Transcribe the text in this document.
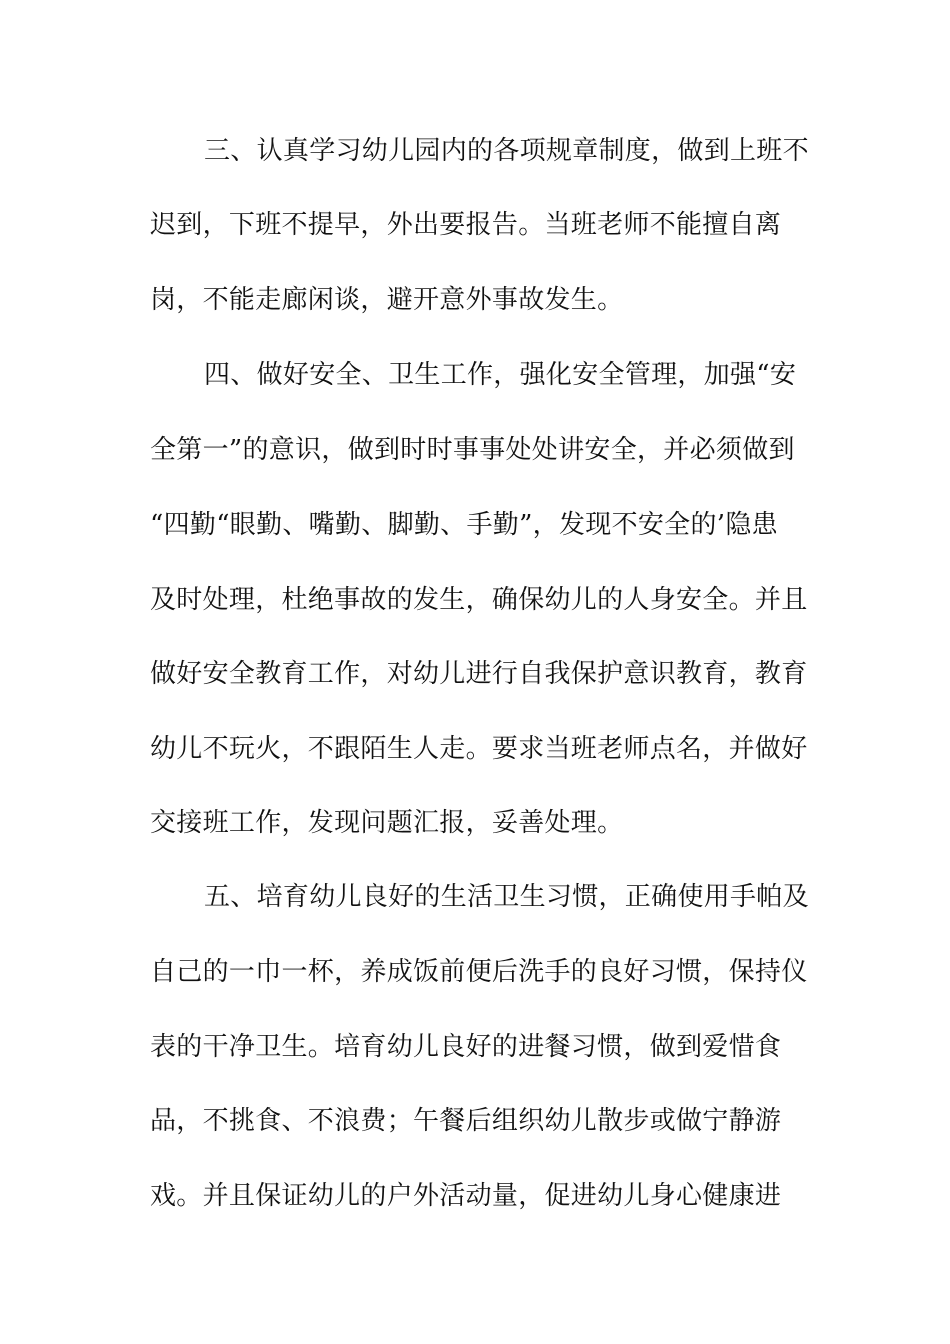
三、认真学习幼儿园内的各项规章制度，做到上班不
迟到，下班不提早，外出要报告。当班老师不能擅自离
岗，不能走廊闲谈，避开意外事故发生。
四、做好安全、卫生工作，强化安全管理，加强“安
全第一”的意识，做到时时事事处处讲安全，并必须做到
“四勤“眼勤、嘴勤、脚勤、手勤”，发现不安全的’隐患
及时处理，杜绝事故的发生，确保幼儿的人身安全。并且
做好安全教育工作，对幼儿进行自我保护意识教育，教育
幼儿不玩火，不跟陌生人走。要求当班老师点名，并做好
交接班工作，发现问题汇报，妥善处理。
五、培育幼儿良好的生活卫生习惯，正确使用手帕及
自己的一巾一杯，养成饭前便后洗手的良好习惯，保持仪
表的干净卫生。培育幼儿良好的进餐习惯，做到爱惜食
品，不挑食、不浪费；午餐后组织幼儿散步或做宁静游
戏。并且保证幼儿的户外活动量，促进幼儿身心健康进
